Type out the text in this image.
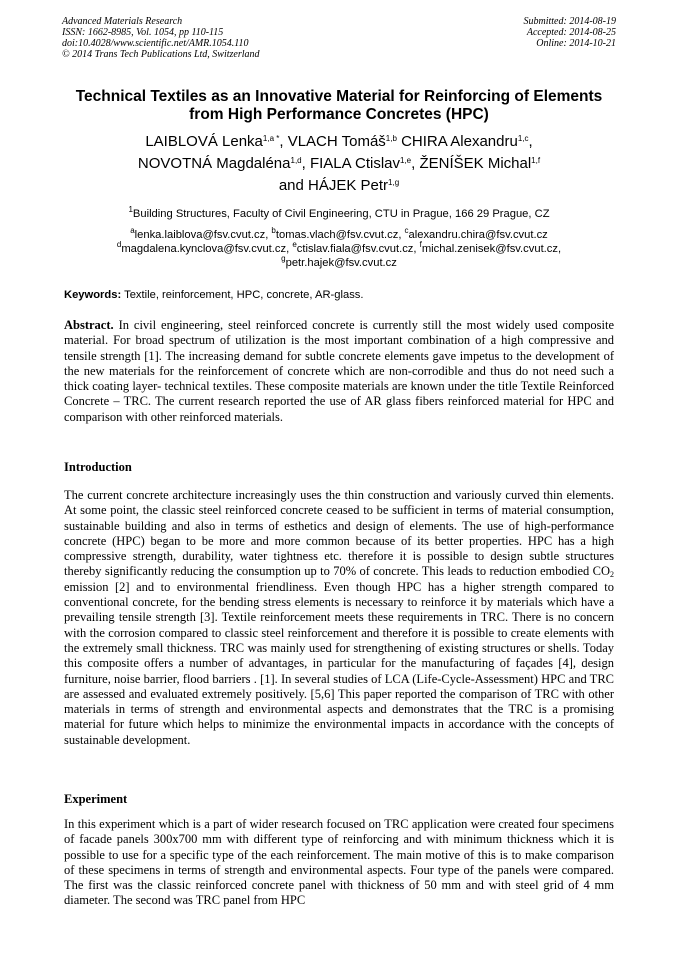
Advanced Materials Research
ISSN: 1662-8985, Vol. 1054, pp 110-115
doi:10.4028/www.scientific.net/AMR.1054.110
© 2014 Trans Tech Publications Ltd, Switzerland
Submitted: 2014-08-19
Accepted: 2014-08-25
Online: 2014-10-21
Technical Textiles as an Innovative Material for Reinforcing of Elements
from High Performance Concretes (HPC)
LAIBLOVÁ Lenka$^{1,a *}$, VLACH Tomáš$^{1,b}$ CHIRA Alexandru$^{1,c}$,
NOVOTNÁ Magdaléna$^{1,d}$, FIALA Ctislav$^{1,e}$, ŽENÍŠEK Michal$^{1,f}$
and HÁJEK Petr$^{1,g}$
$^1$Building Structures, Faculty of Civil Engineering, CTU in Prague, 166 29 Prague, CZ
$^a$lenka.laiblova@fsv.cvut.cz, $^b$tomas.vlach@fsv.cvut.cz, $^c$alexandru.chira@fsv.cvut.cz
$^d$magdalena.kynclova@fsv.cvut.cz, $^e$ctislav.fiala@fsv.cvut.cz, $^f$michal.zenisek@fsv.cvut.cz,
$^g$petr.hajek@fsv.cvut.cz
Keywords: Textile, reinforcement, HPC, concrete, AR-glass.

Abstract. In civil engineering, steel reinforced concrete is currently still the most widely used composite material. For broad spectrum of utilization is the most important combination of a high compressive and tensile strength [1]. The increasing demand for subtle concrete elements gave impetus to the development of the new materials for the reinforcement of concrete which are non-corrodible and thus do not need such a thick coating layer- technical textiles. These composite materials are known under the title Textile Reinforced Concrete – TRC. The current research reported the use of AR glass fibers reinforced material for HPC and comparison with other reinforced materials.

Introduction

The current concrete architecture increasingly uses the thin construction and variously curved thin elements. At some point, the classic steel reinforced concrete ceased to be sufficient in terms of material consumption, sustainable building and also in terms of esthetics and design of elements. The use of high-performance concrete (HPC) began to be more and more common because of its better properties. HPC has a high compressive strength, durability, water tightness etc. therefore it is possible to design subtle structures thereby significantly reducing the consumption up to 70% of concrete. This leads to reduction embodied $CO_2$ emission [2] and to environmental friendliness. Even though HPC has a higher strength compared to conventional concrete, for the bending stress elements is necessary to reinforce it by materials which have a prevailing tensile strength [3]. Textile reinforcement meets these requirements in TRC. There is no concern with the corrosion compared to classic steel reinforcement and therefore it is possible to create elements with the extremely small thickness. TRC was mainly used for strengthening of existing structures or shells. Today this composite offers a number of advantages, in particular for the manufacturing of façades [4], design furniture, noise barrier, flood barriers . [1]. In several studies of LCA (Life-Cycle-Assessment) HPC and TRC are assessed and evaluated extremely positively. [5,6] This paper reported the comparison of TRC with other materials in terms of strength and environmental aspects and demonstrates that the TRC is a promising material for future which helps to minimize the environmental impacts in accordance with the concepts of sustainable development.

Experiment

In this experiment which is a part of wider research focused on TRC application were created four specimens of facade panels 300x700 mm with different type of reinforcing and with minimum thickness which it is possible to use for a specific type of the each reinforcement. The main motive of this is to make comparison of these specimens in terms of strength and environmental aspects. Four type of the panels were compared. The first was the classic reinforced concrete panel with thickness of 50 mm and with steel grid of 4 mm diameter. The second was TRC panel from HPC
